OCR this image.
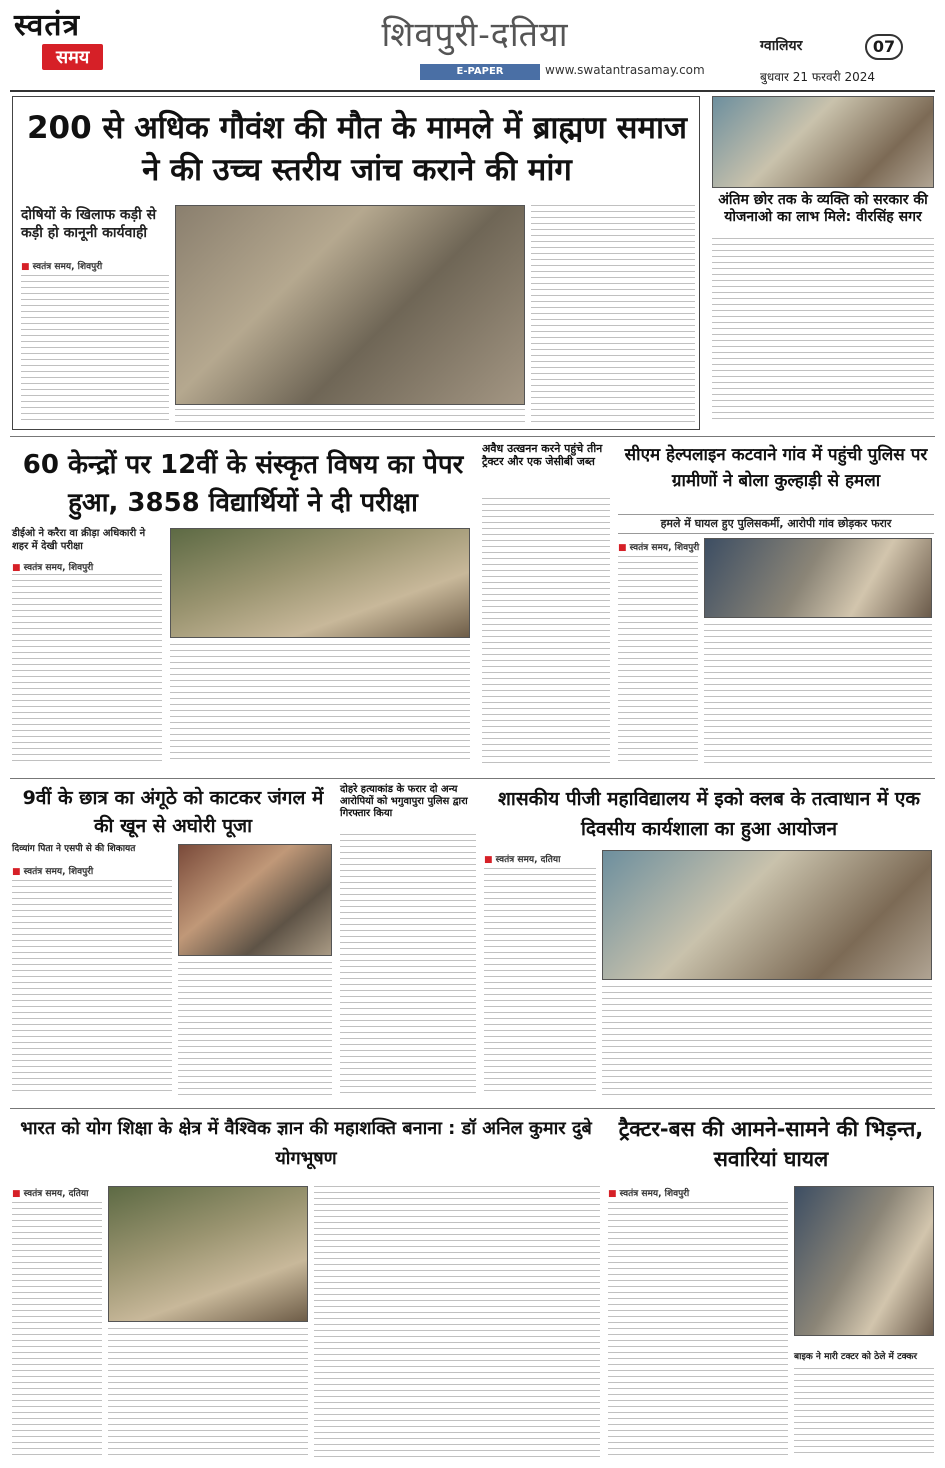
स्वतंत्र
समय
शिवपुरी-दतिया
E-PAPER	www.swatantrasamay.com
ग्वालियर	07
बुधवार 21 फरवरी 2024
200 से अधिक गौवंश की मौत के मामले में ब्राह्मण समाज ने की उच्च स्तरीय जांच कराने की मांग
दोषियों के खिलाफ कड़ी से कड़ी हो कानूनी कार्यवाही
■ स्वतंत्र समय, शिवपुरी
अंतिम छोर तक के व्यक्ति को सरकार की योजनाओ का लाभ मिले: वीरसिंह सगर
60 केन्द्रों पर 12वीं के संस्कृत विषय का पेपर हुआ, 3858 विद्यार्थियों ने दी परीक्षा
डीईओ ने करैरा वा क्रीड़ा अधिकारी ने शहर में देखी परीक्षा
■ स्वतंत्र समय, शिवपुरी
अवैध उत्खनन करने पहुंचे तीन ट्रैक्टर और एक जेसीबी जब्त	सीएम हेल्पलाइन कटवाने गांव में पहुंची पुलिस पर ग्रामीणों ने बोला कुल्हाड़ी से हमला
हमले में घायल हुए पुलिसकर्मी, आरोपी गांव छोड़कर फरार
■ स्वतंत्र समय, शिवपुरी
9वीं के छात्र का अंगूठे को काटकर जंगल में की खून से अघोरी पूजा
दिव्यांग पिता ने एसपी से की शिकायत
■ स्वतंत्र समय, शिवपुरी
दोहरे हत्याकांड के फरार दो अन्य आरोपियों को भगुवापुरा पुलिस द्वारा गिरफ्तार किया
शासकीय पीजी महाविद्यालय में इको क्लब के तत्वाधान में एक दिवसीय कार्यशाला का हुआ आयोजन
■ स्वतंत्र समय, दतिया
भारत को योग शिक्षा के क्षेत्र में वैश्विक ज्ञान की महाशक्ति बनाना : डॉ अनिल कुमार दुबे योगभूषण
■ स्वतंत्र समय, दतिया
ट्रैक्टर-बस की आमने-सामने की भिड़न्त, सवारियां घायल
■ स्वतंत्र समय, शिवपुरी
बाइक ने मारी टक्टर को ठेले में टक्कर
